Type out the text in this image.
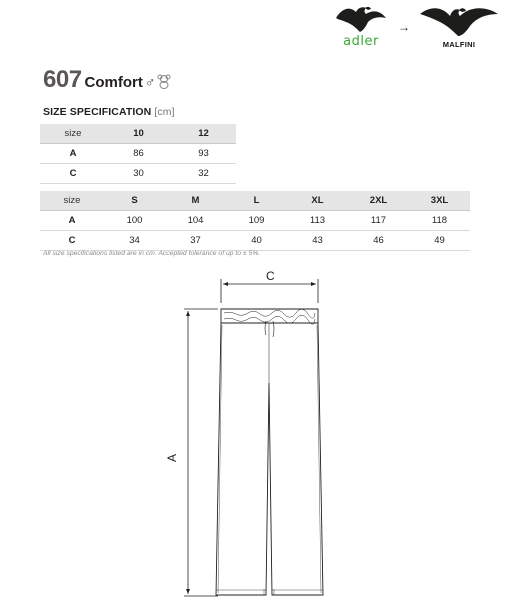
adler
→
MALFINI
607 Comfort ♂
SIZE SPECIFICATION [cm]
size	10	12
A	86	93
C	30	32
size	S	M	L	XL	2XL	3XL
A	100	104	109	113	117	118
C	34	37	40	43	46	49
All size specifications listed are in cm. Accepted tolerance of up to ± 5%.
C
A
